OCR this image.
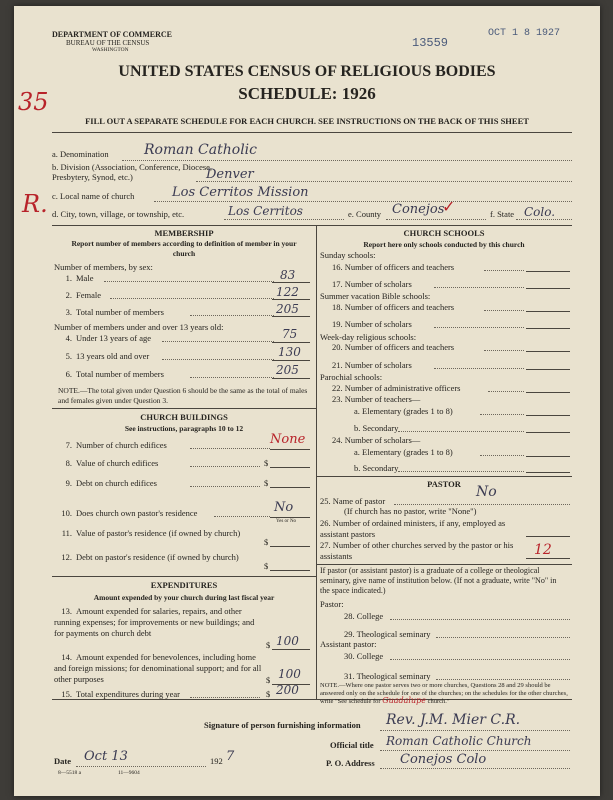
DEPARTMENT OF COMMERCE
BUREAU OF THE CENSUS
WASHINGTON	13559
OCT 1 8 1927
UNITED STATES CENSUS OF RELIGIOUS BODIES
SCHEDULE: 1926
35
FILL OUT A SEPARATE SCHEDULE FOR EACH CHURCH. SEE INSTRUCTIONS ON THE BACK OF THIS SHEET
R.
a. Denomination	Roman Catholic
b. Division (Association, Conference, Diocese, Presbytery, Synod, etc.)	Denver
c. Local name of church	Los Cerritos Mission
d. City, town, village, or township, etc.	Los Cerritos	e. County Conejos
✓	f. State Colo.
MEMBERSHIP
Report number of members according to definition of member in your church
Number of members, by sex:
1. Male	83
2. Female	122
3. Total number of members	205
Number of members under and over 13 years old:
4. Under 13 years of age	75
5. 13 years old and over	130
6. Total number of members	205
NOTE.—The total given under Question 6 should be the same as the total of males and females given under Question 3.
CHURCH BUILDINGS
See instructions, paragraphs 10 to 12
7. Number of church edifices	None
8. Value of church edifices	$
9. Debt on church edifices	$
10. Does church own pastor's residence	No
Yes or No
11. Value of pastor's residence (if owned by church)
$
12. Debt on pastor's residence (if owned by church)
$
EXPENDITURES
Amount expended by your church during last fiscal year
13. Amount expended for salaries, repairs, and other running expenses; for improvements or new buildings; and for payments on church debt
$ 100
14. Amount expended for benevolences, including home and foreign missions; for denominational support; and for all other purposes	$ 100
15. Total expenditures during year	$ 200
CHURCH SCHOOLS
Report here only schools conducted by this church
Sunday schools:
16. Number of officers and teachers
17. Number of scholars
Summer vacation Bible schools:
18. Number of officers and teachers
19. Number of scholars
Week-day religious schools:
20. Number of officers and teachers
21. Number of scholars
Parochial schools:
22. Number of administrative officers
23. Number of teachers—
a. Elementary (grades 1 to 8)
b. Secondary
24. Number of scholars—
a. Elementary (grades 1 to 8)
b. Secondary
PASTOR
25. Name of pastor
No
(If church has no pastor, write "None")
26. Number of ordained ministers, if any, employed as assistant pastors
27. Number of other churches served by the pastor or his assistants	12
If pastor (or assistant pastor) is a graduate of a college or theological seminary, give name of institution below. (If not a graduate, write "No" in the space indicated.)
Pastor:
28. College
29. Theological seminary
Assistant pastor:
30. College
31. Theological seminary
NOTE.—Where one pastor serves two or more churches, Questions 28 and 29 should be answered only on the schedule for one of the churches; on the schedules for the other churches, write "See schedule for Guadalupe church."
Signature of person furnishing information Rev. J.M. Mier C.R.
Official title Roman Catholic Church
Date Oct 13	192 7	P. O. Address Conejos Colo
8—5518 a	11—9604
